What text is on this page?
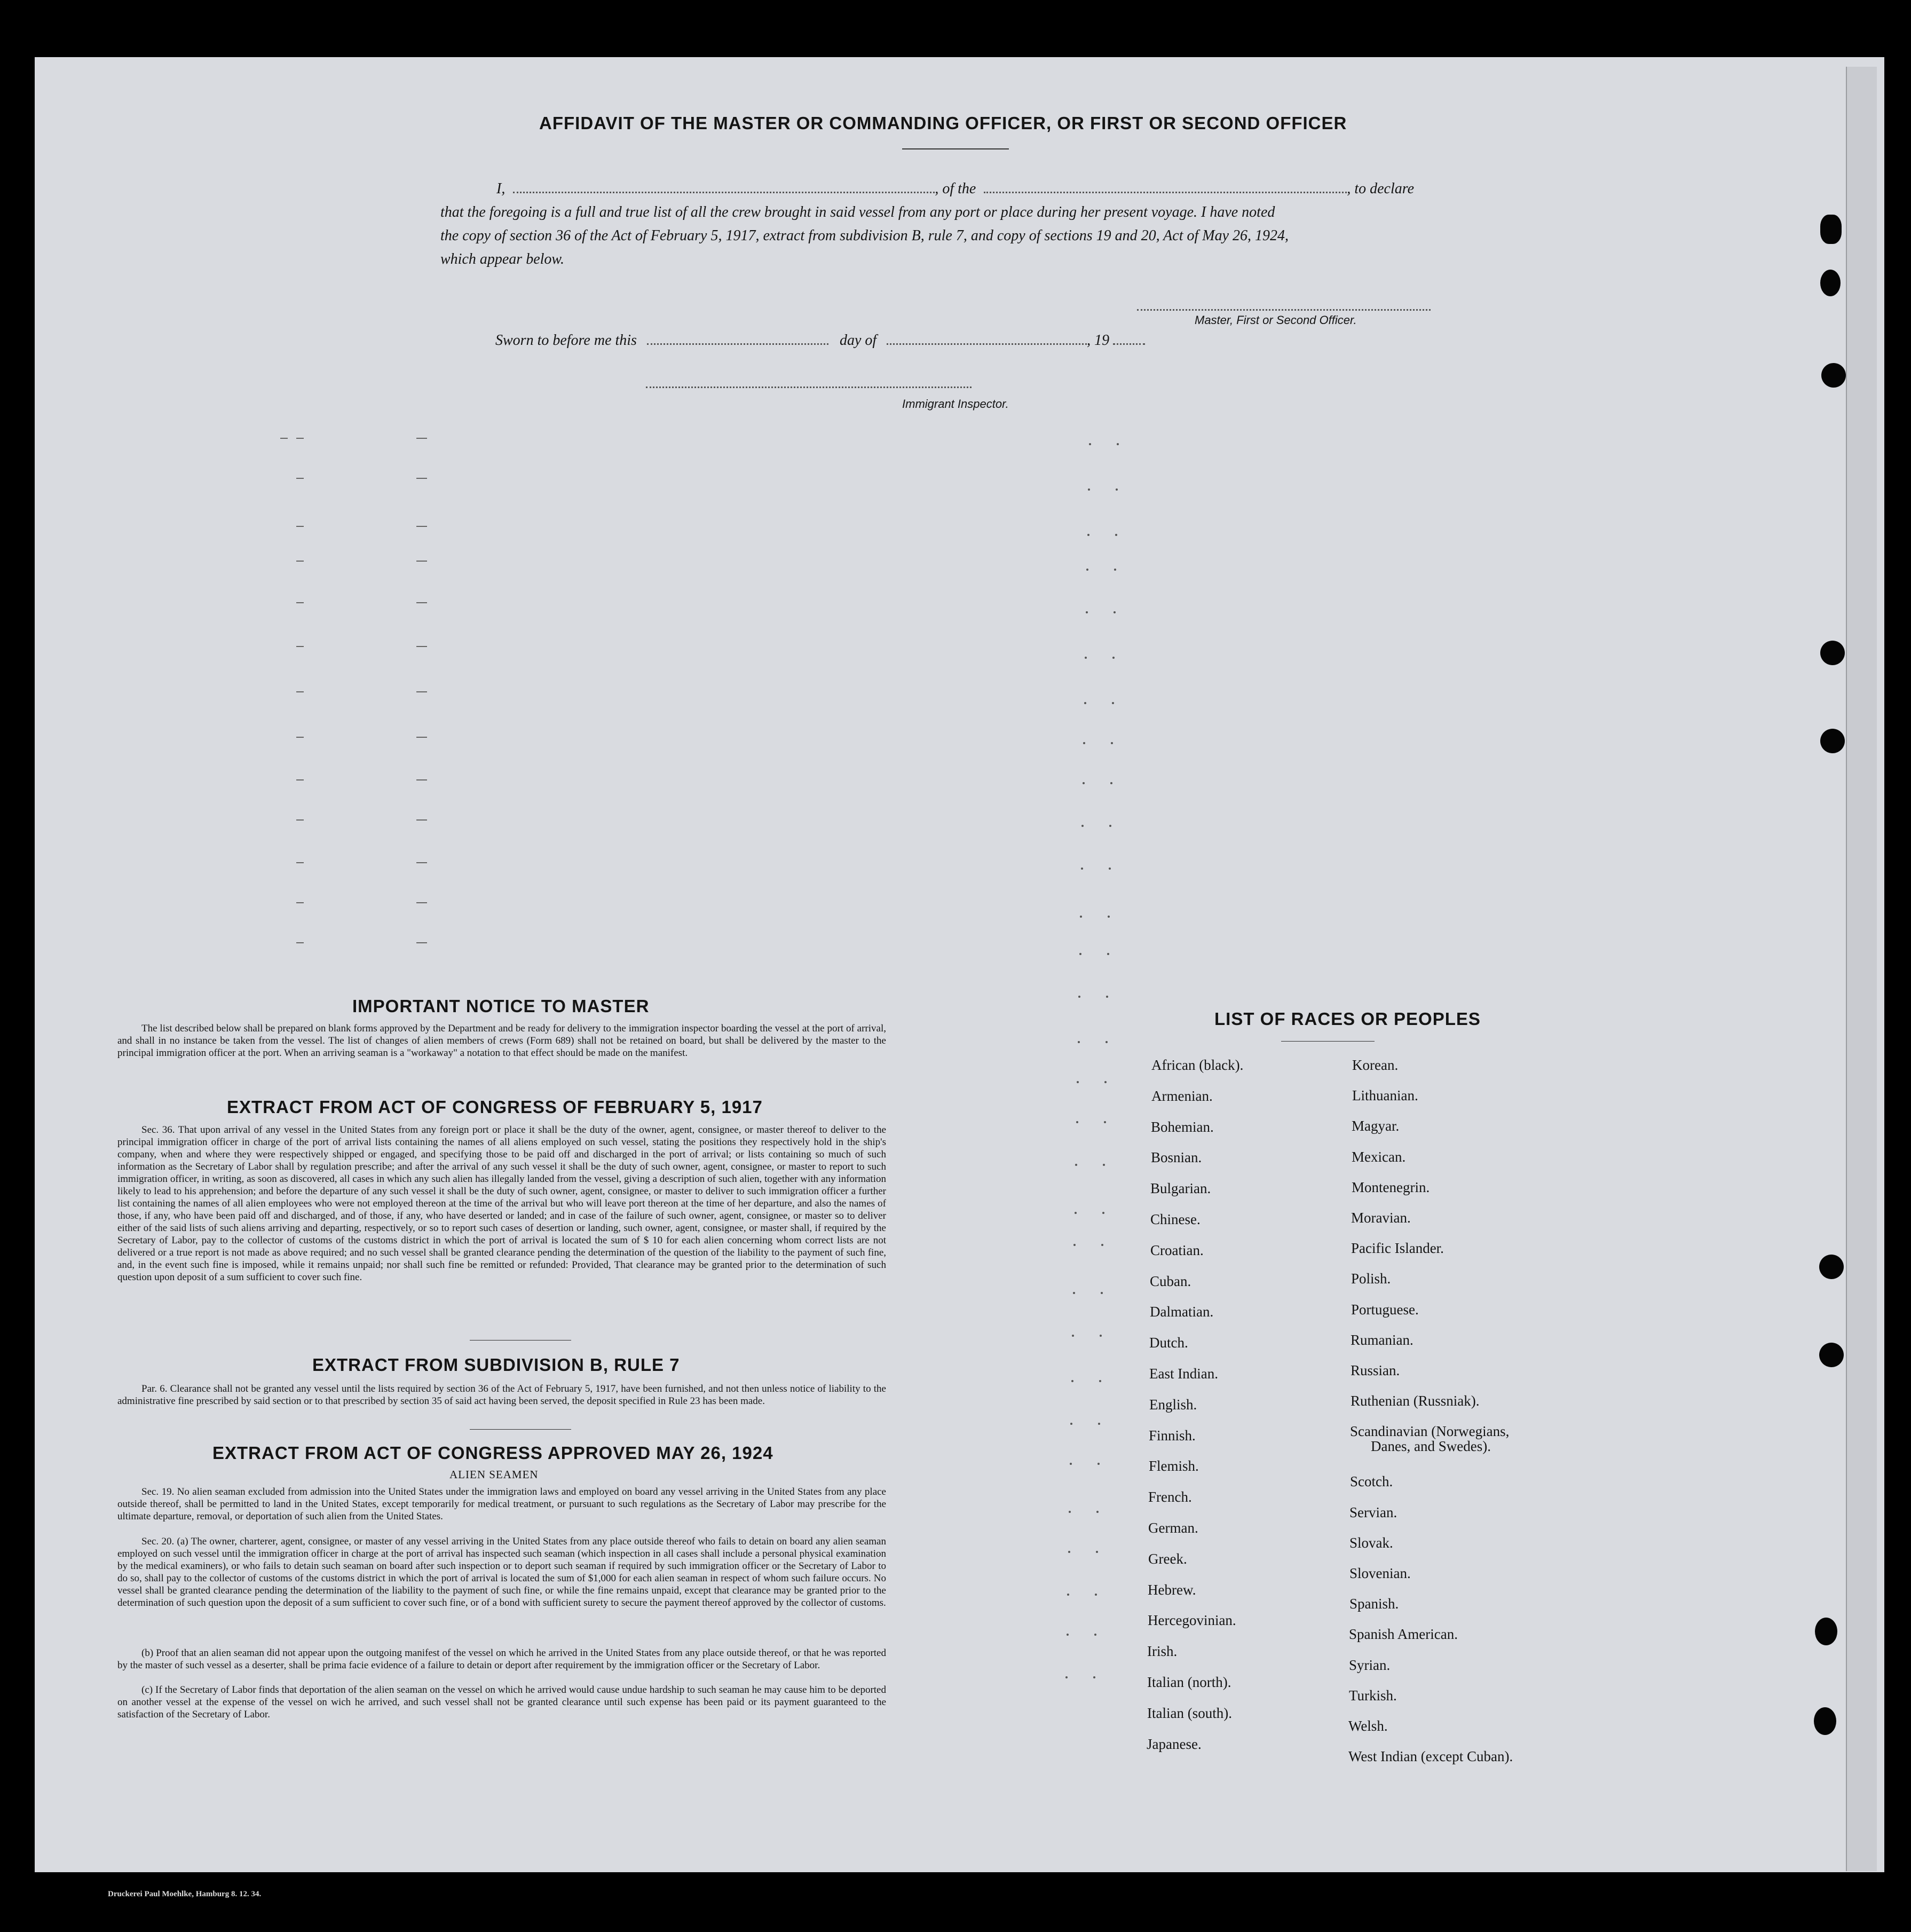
AFFIDAVIT OF THE MASTER OR COMMANDING OFFICER, OR FIRST OR SECOND OFFICER
I,	, of the	, to declare
that the foregoing is a full and true list of all the crew brought in said vessel from any port or place during her present voyage. I have noted
the copy of section 36 of the Act of February 5, 1917, extract from subdivision B, rule 7, and copy of sections 19 and 20, Act of May 26, 1924,
which appear below.
Master, First or Second Officer.
Sworn to before me this	day of	, 19
Immigrant Inspector.
IMPORTANT NOTICE TO MASTER
The list described below shall be prepared on blank forms approved by the Department and be ready for delivery to the immigration inspector boarding the vessel at the port of arrival, and shall in no instance be taken from the vessel. The list of changes of alien members of crews (Form 689) shall not be retained on board, but shall be delivered by the master to the principal immigration officer at the port. When an arriving seaman is a "workaway" a notation to that effect should be made on the manifest.
EXTRACT FROM ACT OF CONGRESS OF FEBRUARY 5, 1917
Sec. 36. That upon arrival of any vessel in the United States from any foreign port or place it shall be the duty of the owner, agent, consignee, or master thereof to deliver to the principal immigration officer in charge of the port of arrival lists containing the names of all aliens employed on such vessel, stating the positions they respectively hold in the ship's company, when and where they were respectively shipped or engaged, and specifying those to be paid off and discharged in the port of arrival; or lists containing so much of such information as the Secretary of Labor shall by regulation prescribe; and after the arrival of any such vessel it shall be the duty of such owner, agent, consignee, or master to report to such immigration officer, in writing, as soon as discovered, all cases in which any such alien has illegally landed from the vessel, giving a description of such alien, together with any information likely to lead to his apprehension; and before the departure of any such vessel it shall be the duty of such owner, agent, consignee, or master to deliver to such immigration officer a further list containing the names of all alien employees who were not employed thereon at the time of the arrival but who will leave port thereon at the time of her departure, and also the names of those, if any, who have been paid off and discharged, and of those, if any, who have deserted or landed; and in case of the failure of such owner, agent, consignee, or master so to deliver either of the said lists of such aliens arriving and departing, respectively, or so to report such cases of desertion or landing, such owner, agent, consignee, or master shall, if required by the Secretary of Labor, pay to the collector of customs of the customs district in which the port of arrival is located the sum of $ 10 for each alien concerning whom correct lists are not delivered or a true report is not made as above required; and no such vessel shall be granted clearance pending the determination of the question of the liability to the payment of such fine, and, in the event such fine is imposed, while it remains unpaid; nor shall such fine be remitted or refunded: Provided, That clearance may be granted prior to the determination of such question upon deposit of a sum sufficient to cover such fine.
EXTRACT FROM SUBDIVISION B, RULE 7
Par. 6. Clearance shall not be granted any vessel until the lists required by section 36 of the Act of February 5, 1917, have been furnished, and not then unless notice of liability to the administrative fine prescribed by said section or to that prescribed by section 35 of said act having been served, the deposit specified in Rule 23 has been made.
EXTRACT FROM ACT OF CONGRESS APPROVED MAY 26, 1924
ALIEN SEAMEN
Sec. 19. No alien seaman excluded from admission into the United States under the immigration laws and employed on board any vessel arriving in the United States from any place outside thereof, shall be permitted to land in the United States, except temporarily for medical treatment, or pursuant to such regulations as the Secretary of Labor may prescribe for the ultimate departure, removal, or deportation of such alien from the United States.
Sec. 20. (a) The owner, charterer, agent, consignee, or master of any vessel arriving in the United States from any place outside thereof who fails to detain on board any alien seaman employed on such vessel until the immigration officer in charge at the port of arrival has inspected such seaman (which inspection in all cases shall include a personal physical examination by the medical examiners), or who fails to detain such seaman on board after such inspection or to deport such seaman if required by such immigration officer or the Secretary of Labor to do so, shall pay to the collector of customs of the customs district in which the port of arrival is located the sum of $1,000 for each alien seaman in respect of whom such failure occurs. No vessel shall be granted clearance pending the determination of the liability to the payment of such fine, or while the fine remains unpaid, except that clearance may be granted prior to the determination of such question upon the deposit of a sum sufficient to cover such fine, or of a bond with sufficient surety to secure the payment thereof approved by the collector of customs.
(b) Proof that an alien seaman did not appear upon the outgoing manifest of the vessel on which he arrived in the United States from any place outside thereof, or that he was reported by the master of such vessel as a deserter, shall be prima facie evidence of a failure to detain or deport after requirement by the immigration officer or the Secretary of Labor.
(c) If the Secretary of Labor finds that deportation of the alien seaman on the vessel on which he arrived would cause undue hardship to such seaman he may cause him to be deported on another vessel at the expense of the vessel on wich he arrived, and such vessel shall not be granted clearance until such expense has been paid or its payment guaranteed to the satisfaction of the Secretary of Labor.
LIST OF RACES OR PEOPLES
African (black).
Armenian.
Bohemian.
Bosnian.
Bulgarian.
Chinese.
Croatian.
Cuban.
Dalmatian.
Dutch.
East Indian.
English.
Finnish.
Flemish.
French.
German.
Greek.
Hebrew.
Hercegovinian.
Irish.
Italian (north).
Italian (south).
Japanese.
Korean.
Lithuanian.
Magyar.
Mexican.
Montenegrin.
Moravian.
Pacific Islander.
Polish.
Portuguese.
Rumanian.
Russian.
Ruthenian (Russniak).
Scandinavian (Norwegians,
Danes, and Swedes).
Scotch.
Servian.
Slovak.
Slovenian.
Spanish.
Spanish American.
Syrian.
Turkish.
Welsh.
West Indian (except Cuban).
Druckerei Paul Moehlke, Hamburg 8. 12. 34.
